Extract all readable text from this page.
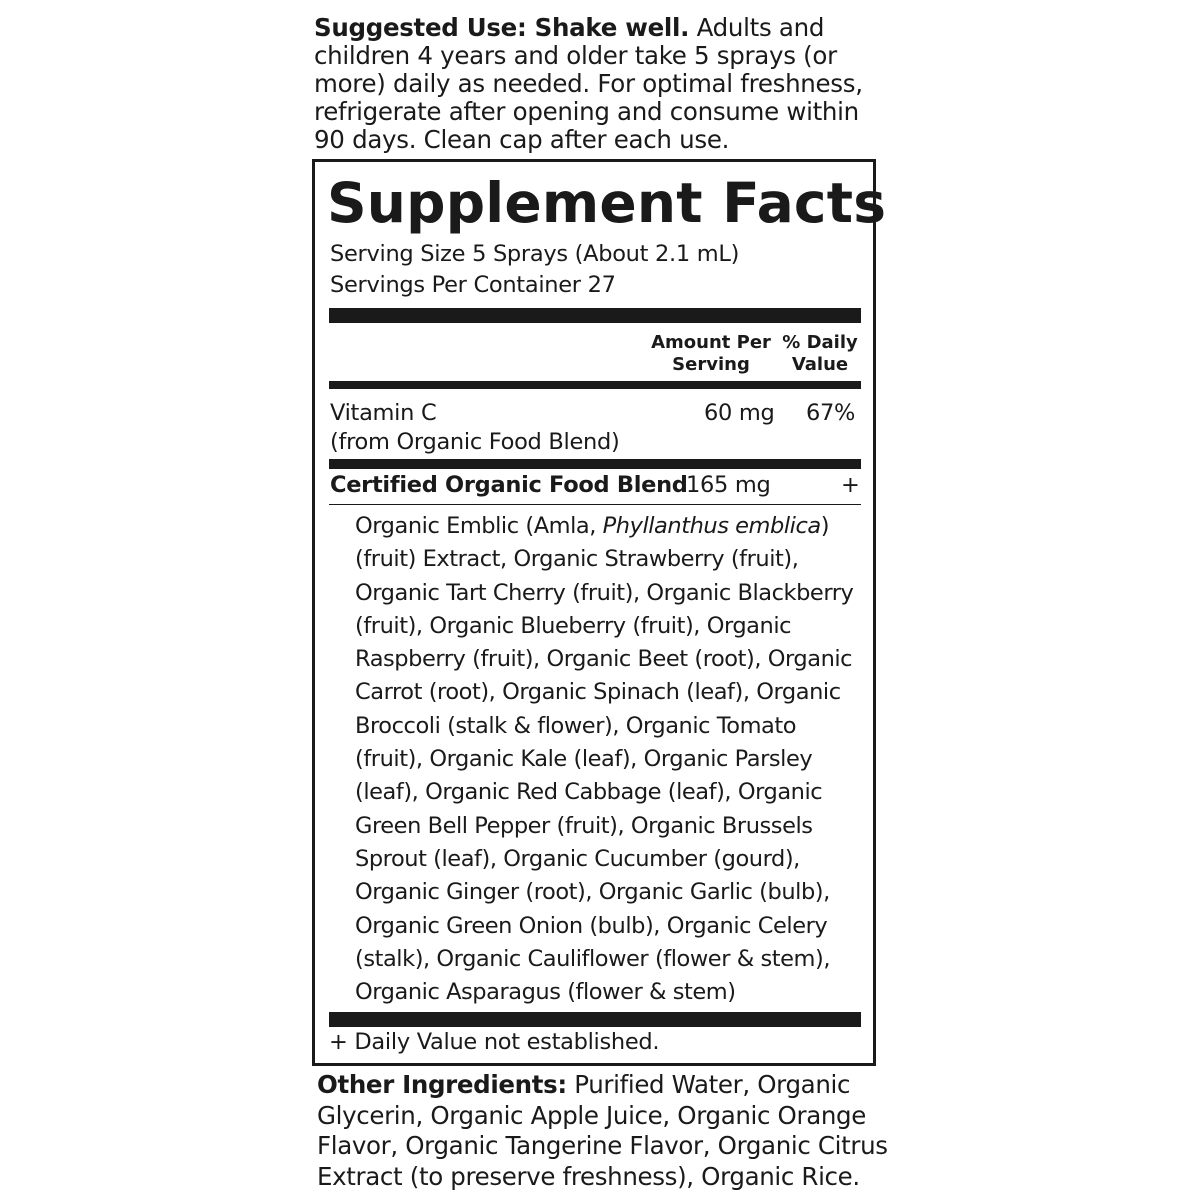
Suggested Use: Shake well. Adults and children 4 years and older take 5 sprays (or more) daily as needed. For optimal freshness, refrigerate after opening and consume within 90 days. Clean cap after each use.
Supplement Facts
Serving Size 5 Sprays (About 2.1 mL)
Servings Per Container 27
Amount Per
Serving
% Daily
Value
Vitamin C
(from Organic Food Blend)
60 mg 67%
Certified Organic Food Blend
165 mg	+
Organic Emblic (Amla, Phyllanthus emblica)
(fruit) Extract, Organic Strawberry (fruit),
Organic Tart Cherry (fruit), Organic Blackberry
(fruit), Organic Blueberry (fruit), Organic
Raspberry (fruit), Organic Beet (root), Organic
Carrot (root), Organic Spinach (leaf), Organic
Broccoli (stalk & flower), Organic Tomato
(fruit), Organic Kale (leaf), Organic Parsley
(leaf), Organic Red Cabbage (leaf), Organic
Green Bell Pepper (fruit), Organic Brussels
Sprout (leaf), Organic Cucumber (gourd),
Organic Ginger (root), Organic Garlic (bulb),
Organic Green Onion (bulb), Organic Celery
(stalk), Organic Cauliflower (flower & stem),
Organic Asparagus (flower & stem)
+ Daily Value not established.
Other Ingredients: Purified Water, Organic
Glycerin, Organic Apple Juice, Organic Orange
Flavor, Organic Tangerine Flavor, Organic Citrus
Extract (to preserve freshness), Organic Rice.
